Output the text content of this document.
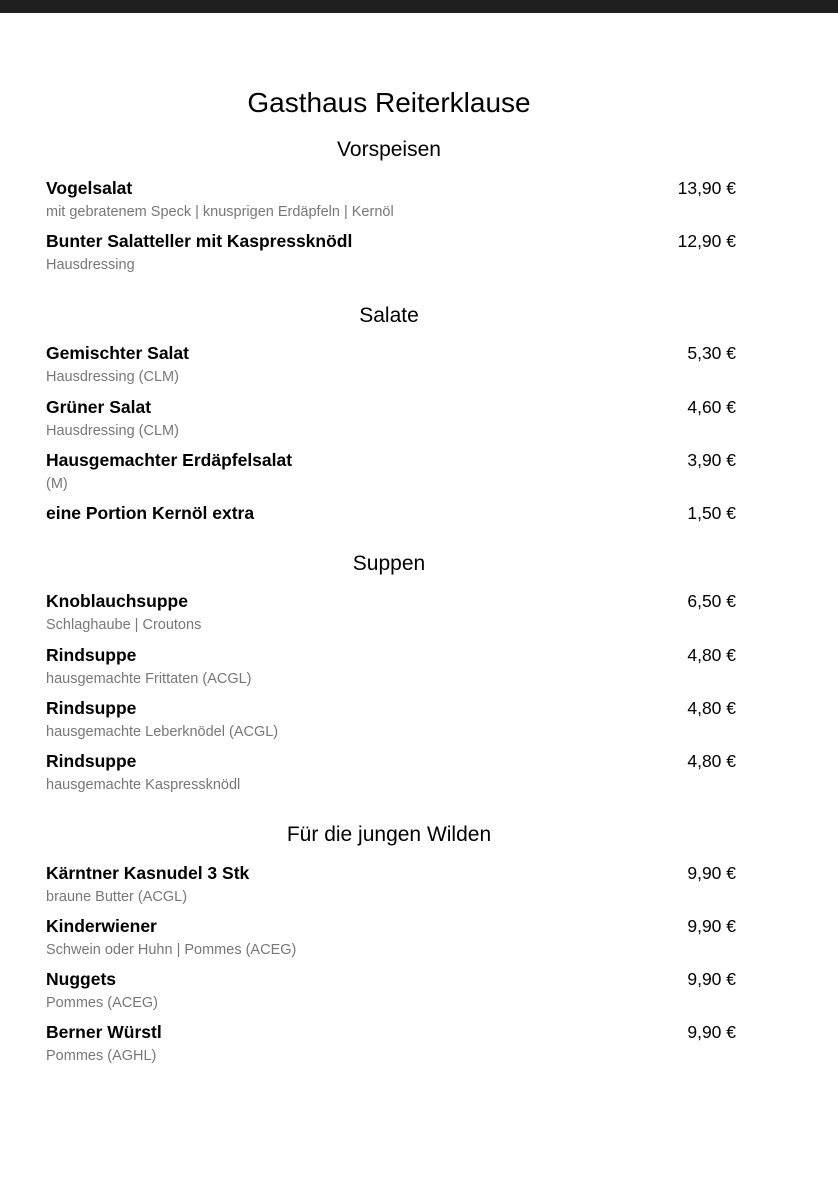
Gasthaus Reiterklause
Vorspeisen
Vogelsalat	13,90 €
mit gebratenem Speck | knusprigen Erdäpfeln | Kernöl
Bunter Salatteller mit Kaspressknödl	12,90 €
Hausdressing
Salate
Gemischter Salat	5,30 €
Hausdressing (CLM)
Grüner Salat	4,60 €
Hausdressing (CLM)
Hausgemachter Erdäpfelsalat	3,90 €
(M)
eine Portion Kernöl extra	1,50 €
Suppen
Knoblauchsuppe	6,50 €
Schlaghaube | Croutons
Rindsuppe	4,80 €
hausgemachte Frittaten (ACGL)
Rindsuppe	4,80 €
hausgemachte Leberknödel (ACGL)
Rindsuppe	4,80 €
hausgemachte Kaspressknödl
Für die jungen Wilden
Kärntner Kasnudel 3 Stk	9,90 €
braune Butter (ACGL)
Kinderwiener	9,90 €
Schwein oder Huhn | Pommes (ACEG)
Nuggets	9,90 €
Pommes (ACEG)
Berner Würstl	9,90 €
Pommes (AGHL)
